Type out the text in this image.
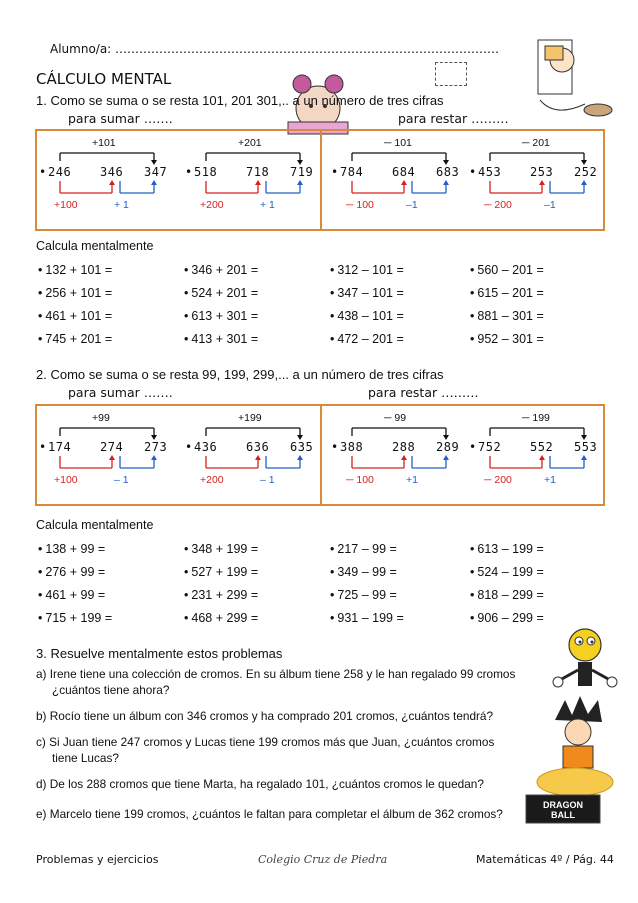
Alumno/a: ……………………………………………………………………………………
CÁLCULO MENTAL
DRAGON BALL
1. Como se suma o se resta 101, 201 301,.. a un número de tres cifras
para sumar …….	para restar ………
2. Como se suma o se resta 99, 199, 299,... a un número de tres cifras
para sumar …….	para restar ………
• 246 346 347
+101
+100	+ 1
• 518 718 719
+201
+200	+ 1
• 784 684 683
─ 101
─ 100	–1
• 453 253 252
─ 201
─ 200	–1
• 174 274 273
+99
+100	– 1
• 436 636 635
+199
+200	– 1
• 388 288 289
─ 99
─ 100	+1
• 752 552 553
─ 199
─ 200	+1
Calcula mentalmente
• 132 + 101 =	• 346 + 201 =	• 312 – 101 =	• 560 – 201 =
• 256 + 101 =	• 524 + 201 =	• 347 – 101 =	• 615 – 201 =
• 461 + 101 =	• 613 + 301 =	• 438 – 101 =	• 881 – 301 =
• 745 + 201 =	• 413 + 301 =	• 472 – 201 =	• 952 – 301 =
Calcula mentalmente
• 138 + 99 =	• 348 + 199 =	• 217 – 99 =	• 613 – 199 =
• 276 + 99 =	• 527 + 199 =	• 349 – 99 =	• 524 – 199 =
• 461 + 99 =	• 231 + 299 =	• 725 – 99 =	• 818 – 299 =
• 715 + 199 =	• 468 + 299 =	• 931 – 199 =	• 906 – 299 =
3. Resuelve mentalmente estos problemas
a) Irene tiene una colección de cromos. En su álbum tiene 258 y le han regalado 99 cromos
¿cuántos tiene ahora?
b) Rocío tiene un álbum con 346 cromos y ha comprado 201 cromos, ¿cuántos tendrá?
c) Si Juan tiene 247 cromos y Lucas tiene 199 cromos más que Juan, ¿cuántos cromos
tiene Lucas?
d) De los 288 cromos que tiene Marta, ha regalado 101, ¿cuántos cromos le quedan?
e) Marcelo tiene 199 cromos, ¿cuántos le faltan para completar el álbum de 362 cromos?
Problemas y ejercicios	Colegio Cruz de Piedra	Matemáticas 4º / Pág. 44
